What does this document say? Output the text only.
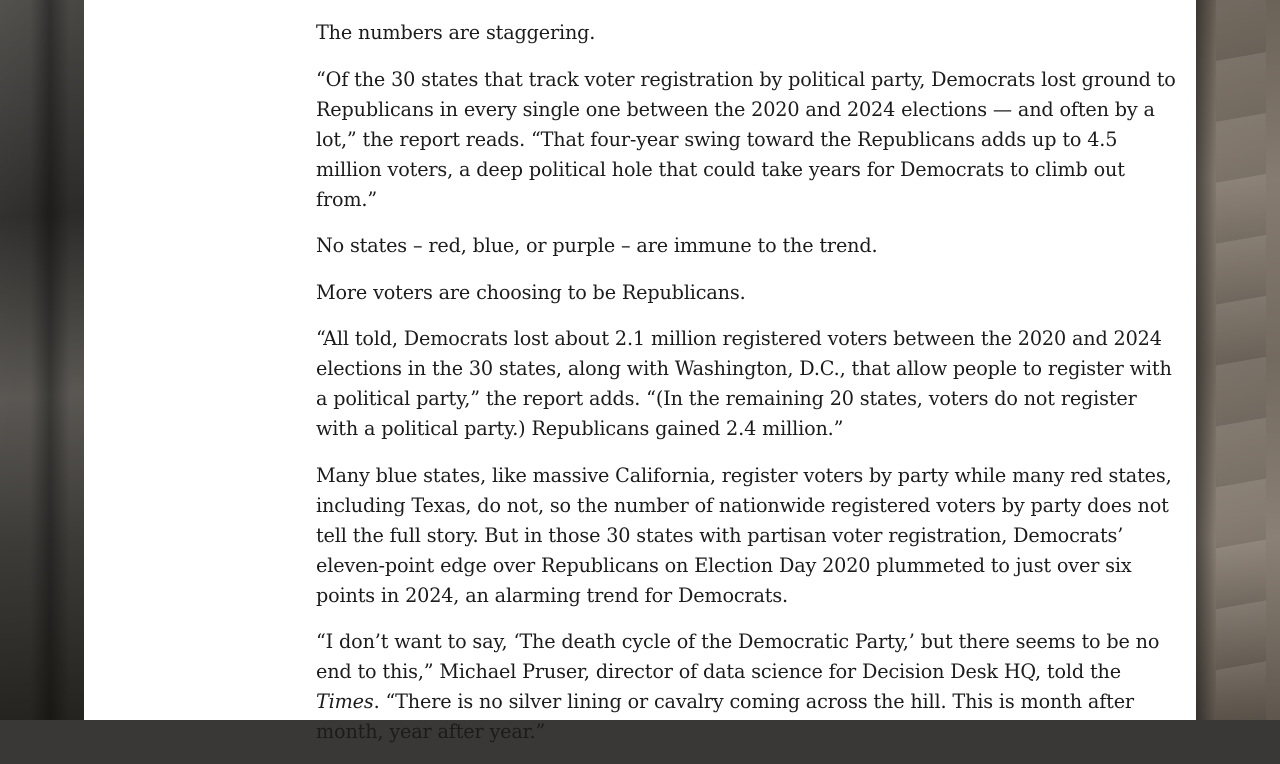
The numbers are staggering.

“Of the 30 states that track voter registration by political party, Democrats lost ground to Republicans in every single one between the 2020 and 2024 elections — and often by a lot,” the report reads. “That four-year swing toward the Republicans adds up to 4.5 million voters, a deep political hole that could take years for Democrats to climb out from.”

No states – red, blue, or purple – are immune to the trend.

More voters are choosing to be Republicans.

“All told, Democrats lost about 2.1 million registered voters between the 2020 and 2024 elections in the 30 states, along with Washington, D.C., that allow people to register with a political party,” the report adds. “(In the remaining 20 states, voters do not register with a political party.) Republicans gained 2.4 million.”

Many blue states, like massive California, register voters by party while many red states, including Texas, do not, so the number of nationwide registered voters by party does not tell the full story. But in those 30 states with partisan voter registration, Democrats’ eleven-point edge over Republicans on Election Day 2020 plummeted to just over six points in 2024, an alarming trend for Democrats.

“I don’t want to say, ‘The death cycle of the Democratic Party,’ but there seems to be no end to this,” Michael Pruser, director of data science for Decision Desk HQ, told the Times. “There is no silver lining or cavalry coming across the hill. This is month after month, year after year.”
